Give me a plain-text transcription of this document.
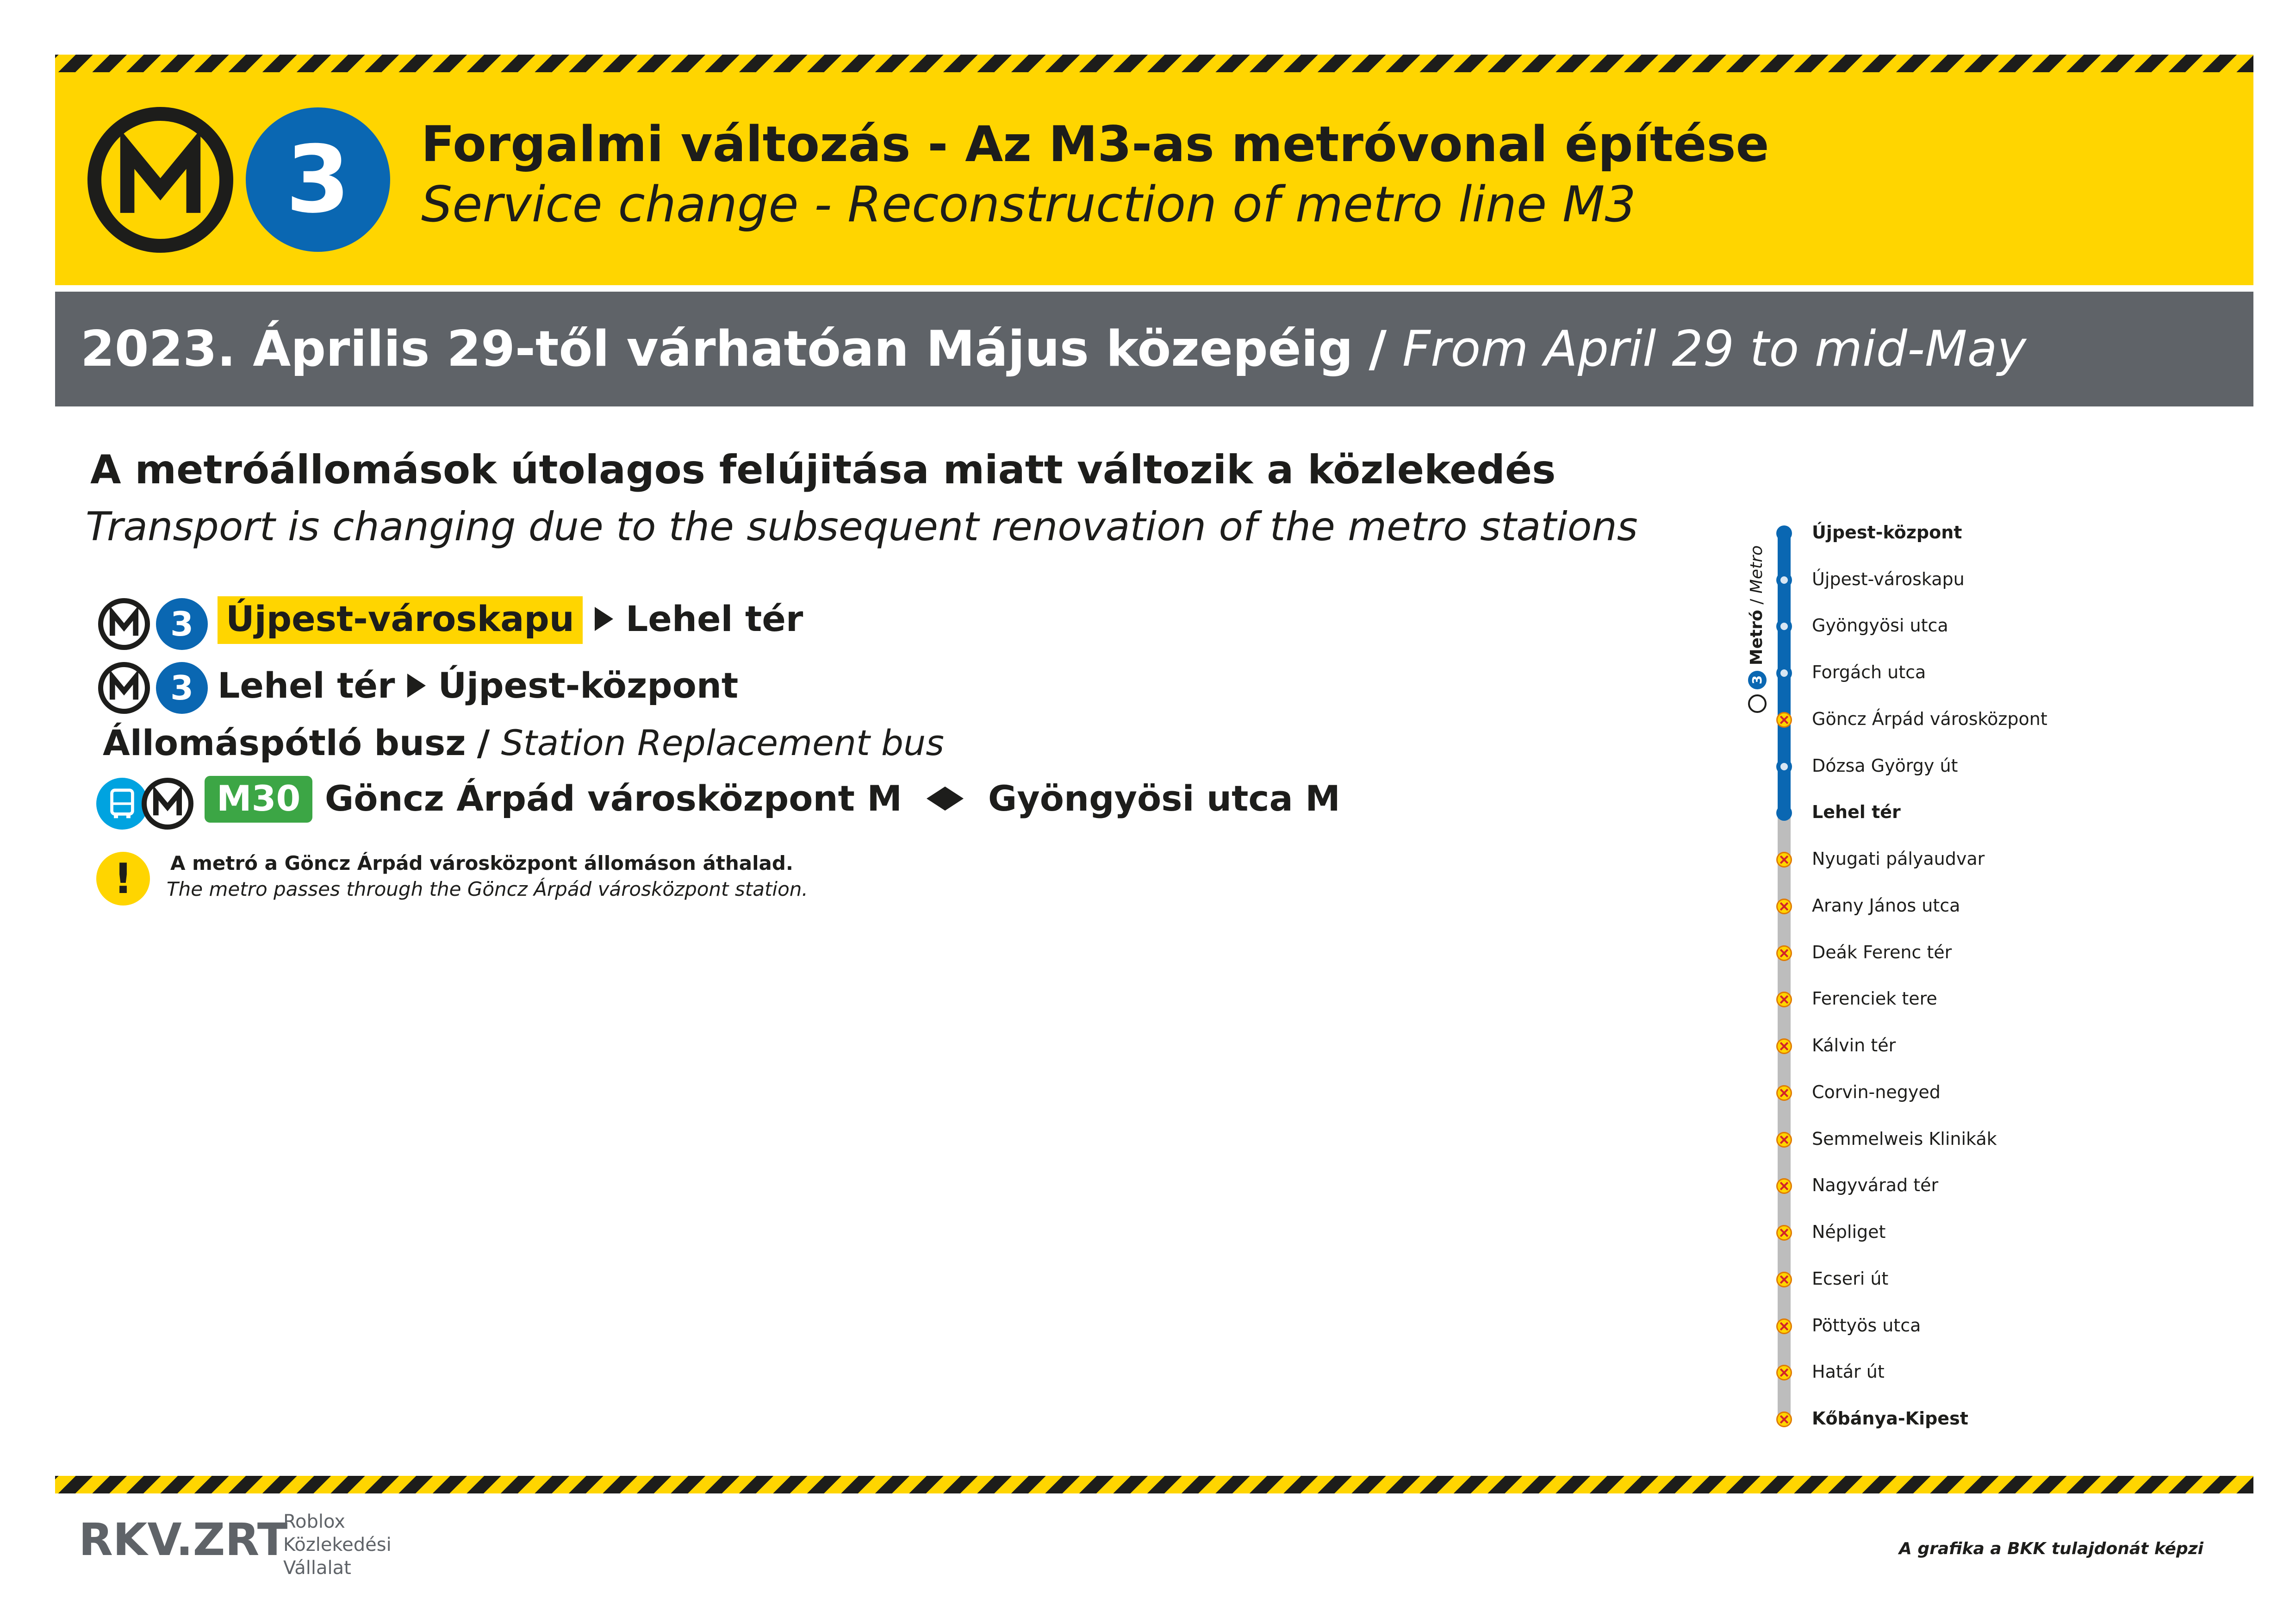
3	Forgalmi változás - Az M3-as metróvonal építése
Service change - Reconstruction of metro line M3
2023. Április 29-től várhatóan Május közepéig / From April 29 to mid-May
A metróállomások útolagos felújitása miatt változik a közlekedés
Transport is changing due to the subsequent renovation of the metro stations
3 Újpest-városkapu Lehel tér
3 Lehel tér Újpest-központ
Állomáspótló busz / Station Replacement bus
M30 Göncz Árpád városközpont M Gyöngyösi utca M
!	A metró a Göncz Árpád városközpont állomáson áthalad.
The metro passes through the Göncz Árpád városközpont station.
3 Metró / Metro
Újpest-központ
Újpest-városkapu
Gyöngyösi utca
Forgách utca
Göncz Árpád városközpont
Dózsa György út
Lehel tér
Nyugati pályaudvar
Arany János utca
Deák Ferenc tér
Ferenciek tere
Kálvin tér
Corvin-negyed
Semmelweis Klinikák
Nagyvárad tér
Népliget
Ecseri út
Pöttyös utca
Határ út
Kőbánya-Kipest
RKV.ZRT
Roblox
Közlekedési
Vállalat
A grafika a BKK tulajdonát képzi
